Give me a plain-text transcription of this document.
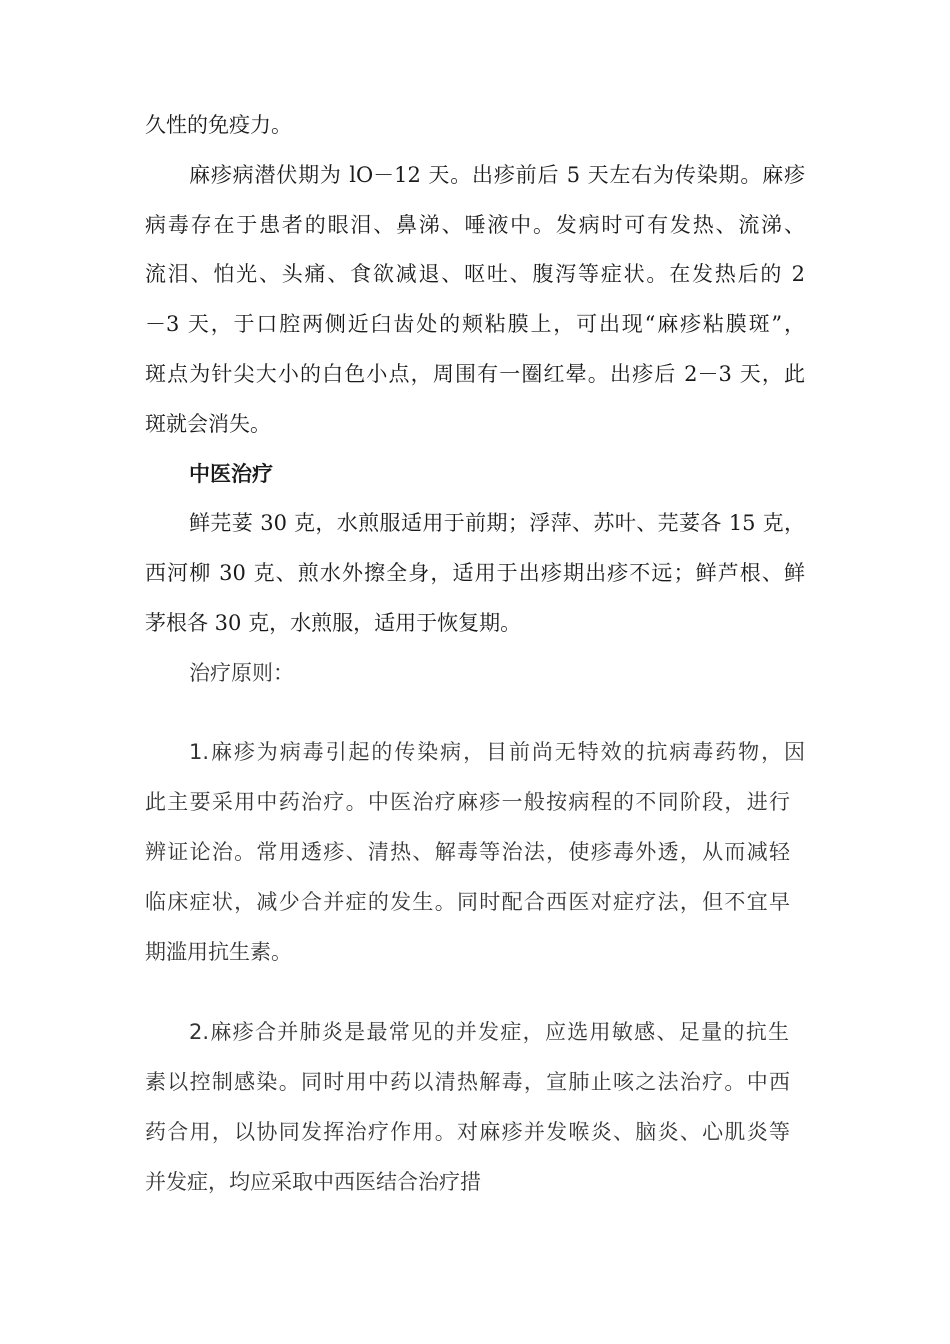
久性的免疫力。
麻疹病潜伏期为 lO－12 天。出疹前后 5 天左右为传染期。麻疹
病毒存在于患者的眼泪、鼻涕、唾液中。发病时可有发热、流涕、
流泪、怕光、头痛、食欲减退、呕吐、腹泻等症状。在发热后的 2
－3 天，于口腔两侧近臼齿处的颊粘膜上，可出现“麻疹粘膜斑”，
斑点为针尖大小的白色小点，周围有一圈红晕。出疹后 2－3 天，此
斑就会消失。
中医治疗
鲜芫荽 30 克，水煎服适用于前期；浮萍、苏叶、芫荽各 15 克，
西河柳 30 克、煎水外擦全身，适用于出疹期出疹不远；鲜芦根、鲜
茅根各 30 克，水煎服，适用于恢复期。
治疗原则：
1.麻疹为病毒引起的传染病，目前尚无特效的抗病毒药物，因
此主要采用中药治疗。中医治疗麻疹一般按病程的不同阶段，进行
辨证论治。常用透疹、清热、解毒等治法，使疹毒外透，从而减轻
临床症状，减少合并症的发生。同时配合西医对症疗法，但不宜早
期滥用抗生素。
2.麻疹合并肺炎是最常见的并发症，应选用敏感、足量的抗生
素以控制感染。同时用中药以清热解毒，宣肺止咳之法治疗。中西
药合用，以协同发挥治疗作用。对麻疹并发喉炎、脑炎、心肌炎等
并发症，均应采取中西医结合治疗措
